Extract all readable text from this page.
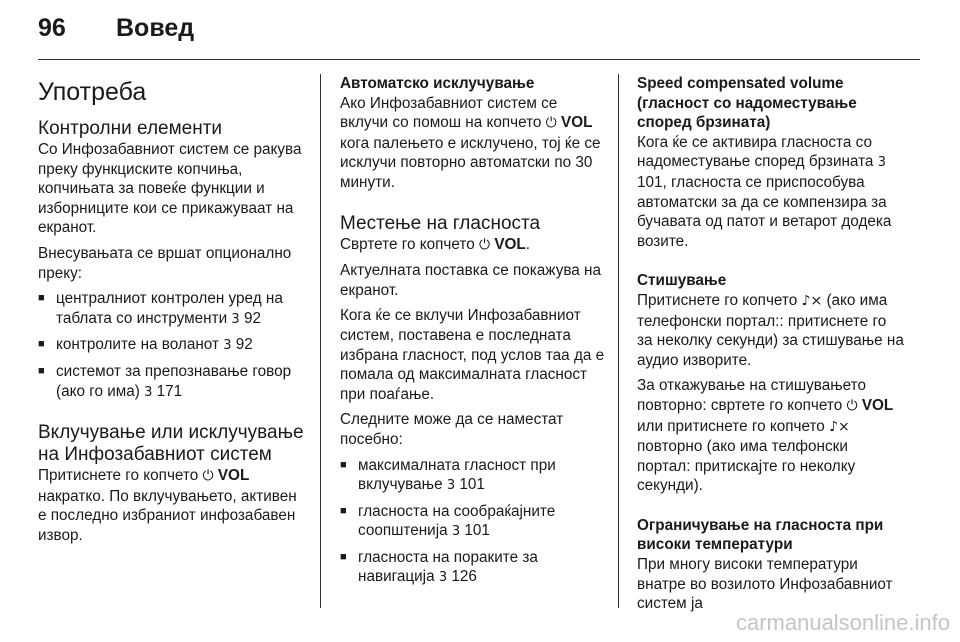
96	Вовед
Употреба
Контролни елементи

Со Инфозабавниот систем се ракува преку функциските копчиња, копчињата за повеќе функции и изборниците кои се прикажуваат на екранот.

Внесувањата се вршат опционално преку:

■ централниот контролен уред на таблата со инструменти 3 92
■ контролите на воланот 3 92
■ системот за препознавање говор (ако го има) 3 171
Вклучување или исклучување на Инфозабавниот систем

Притиснете го копчето ⏻ VOL накратко. По вклучувањето, активен е последно избраниот инфозабавен извор.

Автоматско исклучување

Ако Инфозабавниот систем се вклучи со помош на копчето ⏻ VOL кога палењето е исклучено, тој ќе се исклучи повторно автоматски по 30 минути.

Местење на гласноста

Свртете го копчето ⏻ VOL.

Актуелната поставка се покажува на екранот.

Кога ќе се вклучи Инфозабавниот систем, поставена е последната избрана гласност, под услов таа да е помала од максималната гласност при поаѓање.

Следните може да се наместат посебно:

■ максималната гласност при вклучување 3 101
■ гласноста на сообраќајните соопштенија 3 101
■ гласноста на пораките за навигација 3 126
Speed compensated volume (гласност со надоместување според брзината)

Кога ќе се активира гласноста со надоместување според брзината 3 101, гласноста се приспособува автоматски за да се компензира за бучавата од патот и ветарот додека возите.

Стишување

Притиснете го копчето ♪⨯ (ако има телефонски портал:: притиснете го за неколку секунди) за стишување на аудио изворите.

За откажување на стишувањето повторно: свртете го копчето ⏻ VOL или притиснете го копчето ♪⨯ повторно (ако има телфонски портал: притискајте го неколку секунди).

Ограничување на гласноста при високи температури

При многу високи температури внатре во возилото Инфозабавниот систем ја

carmanualsonline.info
